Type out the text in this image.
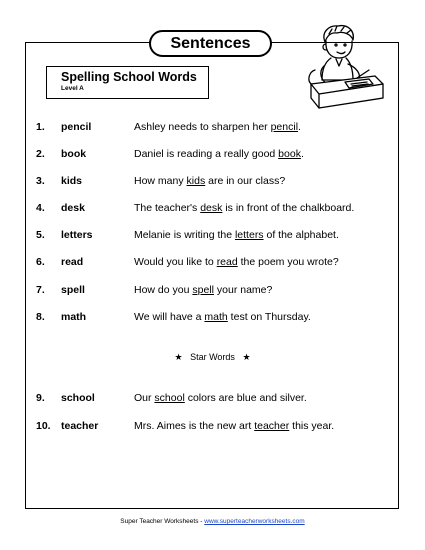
Sentences
Spelling School Words
Level A
1. pencil	Ashley needs to sharpen her pencil.
2. book	Daniel is reading a really good book.
3. kids	How many kids are in our class?
4. desk	The teacher's desk is in front of the chalkboard.
5. letters	Melanie is writing the letters of the alphabet.
6. read	Would you like to read the poem you wrote?
7. spell	How do you spell your name?
8. math	We will have a math test on Thursday.
9. school	Our school colors are blue and silver.
10. teacher	Mrs. Aimes is the new art teacher this year.
★ Star Words ★
Super Teacher Worksheets - www.superteacherworksheets.com
